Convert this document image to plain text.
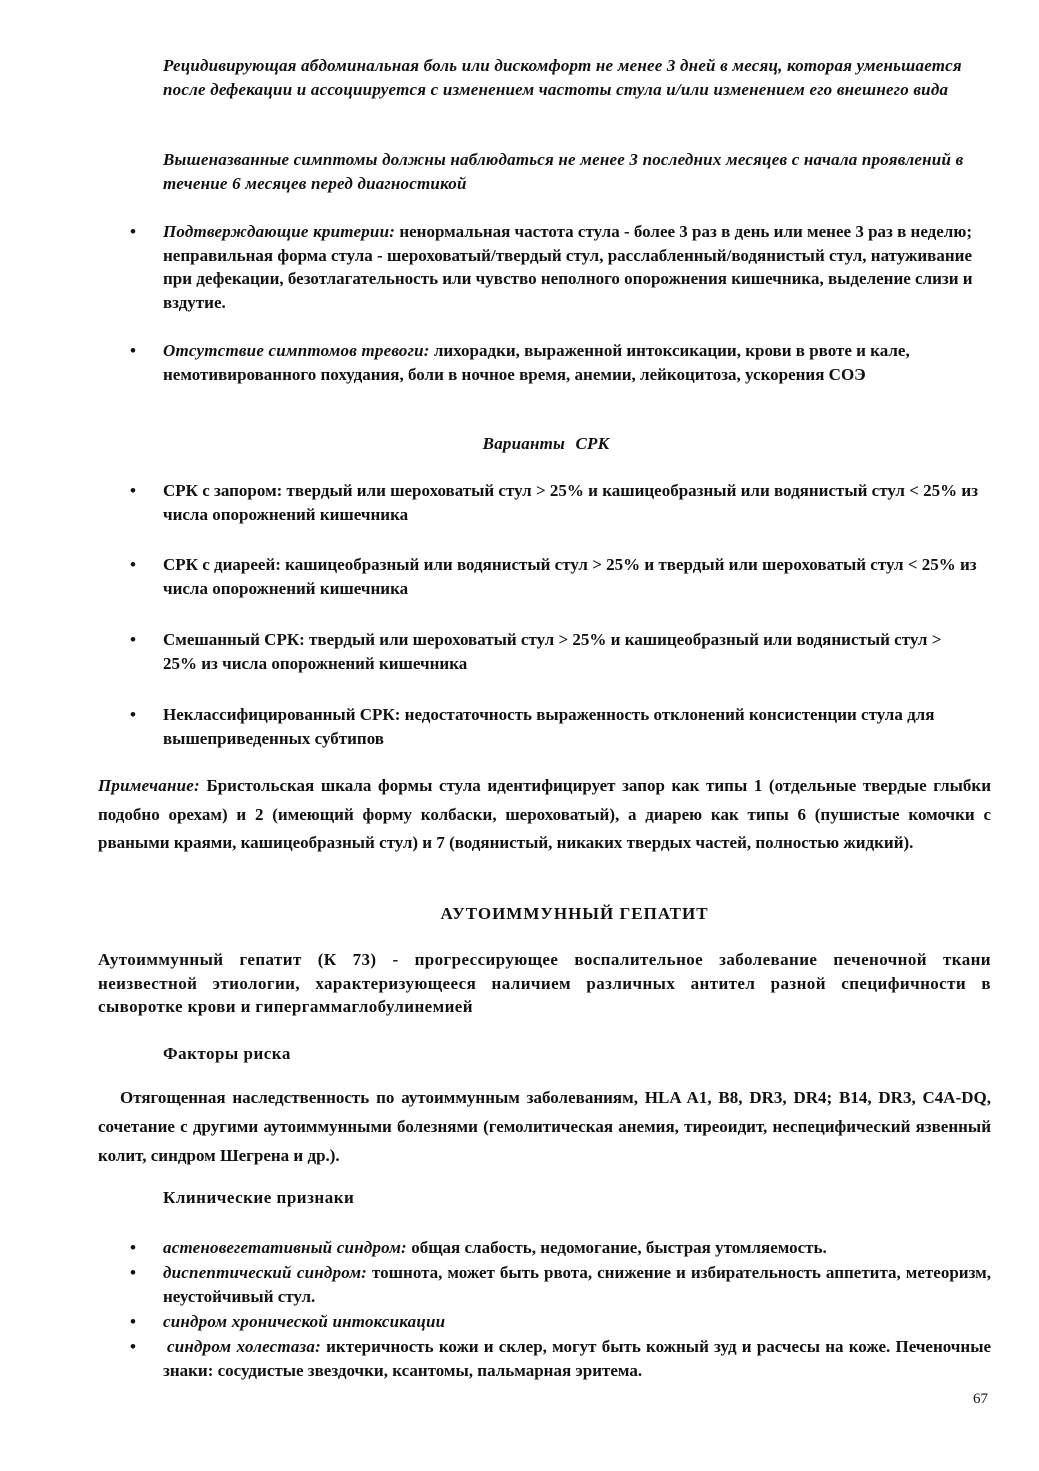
Рецидивирующая абдоминальная боль или дискомфорт не менее 3 дней в месяц, которая уменьшается после дефекации и ассоциируется с изменением частоты стула и/или изменением его внешнего вида
Вышеназванные симптомы должны наблюдаться не менее 3 последних месяцев с начала проявлений в течение 6 месяцев перед диагностикой
• Подтверждающие критерии: ненормальная частота стула - более 3 раз в день или менее 3 раз в неделю; неправильная форма стула - шероховатый/твердый стул, расслабленный/водянистый стул, натуживание при дефекации, безотлагательность или чувство неполного опорожнения кишечника, выделение слизи и вздутие.
• Отсутствие симптомов тревоги: лихорадки, выраженной интоксикации, крови в рвоте и кале, немотивированного похудания, боли в ночное время, анемии, лейкоцитоза, ускорения СОЭ
Варианты СРК
• СРК с запором: твердый или шероховатый стул > 25% и кашицеобразный или водянистый стул < 25% из числа опорожнений кишечника
• СРК с диареей: кашицеобразный или водянистый стул > 25% и твердый или шероховатый стул < 25% из числа опорожнений кишечника
• Смешанный СРК: твердый или шероховатый стул > 25% и кашицеобразный или водянистый стул > 25% из числа опорожнений кишечника
• Неклассифицированный СРК: недостаточность выраженность отклонений консистенции стула для вышеприведенных субтипов
Примечание: Бристольская шкала формы стула идентифицирует запор как типы 1 (отдельные твердые глыбки подобно орехам) и 2 (имеющий форму колбаски, шероховатый), а диарею как типы 6 (пушистые комочки с рваными краями, кашицеобразный стул) и 7 (водянистый, никаких твердых частей, полностью жидкий).
АУТОИММУННЫЙ ГЕПАТИТ
Аутоиммунный гепатит (К 73) - прогрессирующее воспалительное заболевание печеночной ткани неизвестной этиологии, характеризующееся наличием различных антител разной специфичности в сыворотке крови и гипергаммаглобулинемией
Факторы риска
Отягощенная наследственность по аутоиммунным заболеваниям, HLA A1, B8, DR3, DR4; B14, DR3, C4A-DQ, сочетание с другими аутоиммунными болезнями (гемолитическая анемия, тиреоидит, неспецифический язвенный колит, синдром Шегрена и др.).
Клинические признаки
• астеновегетативный синдром: общая слабость, недомогание, быстрая утомляемость.
• диспептический синдром: тошнота, может быть рвота, снижение и избирательность аппетита, метеоризм, неустойчивый стул.
• синдром хронической интоксикации
• синдром холестаза: иктеричность кожи и склер, могут быть кожный зуд и расчесы на коже. Печеночные знаки: сосудистые звездочки, ксантомы, пальмарная эритема.
67
